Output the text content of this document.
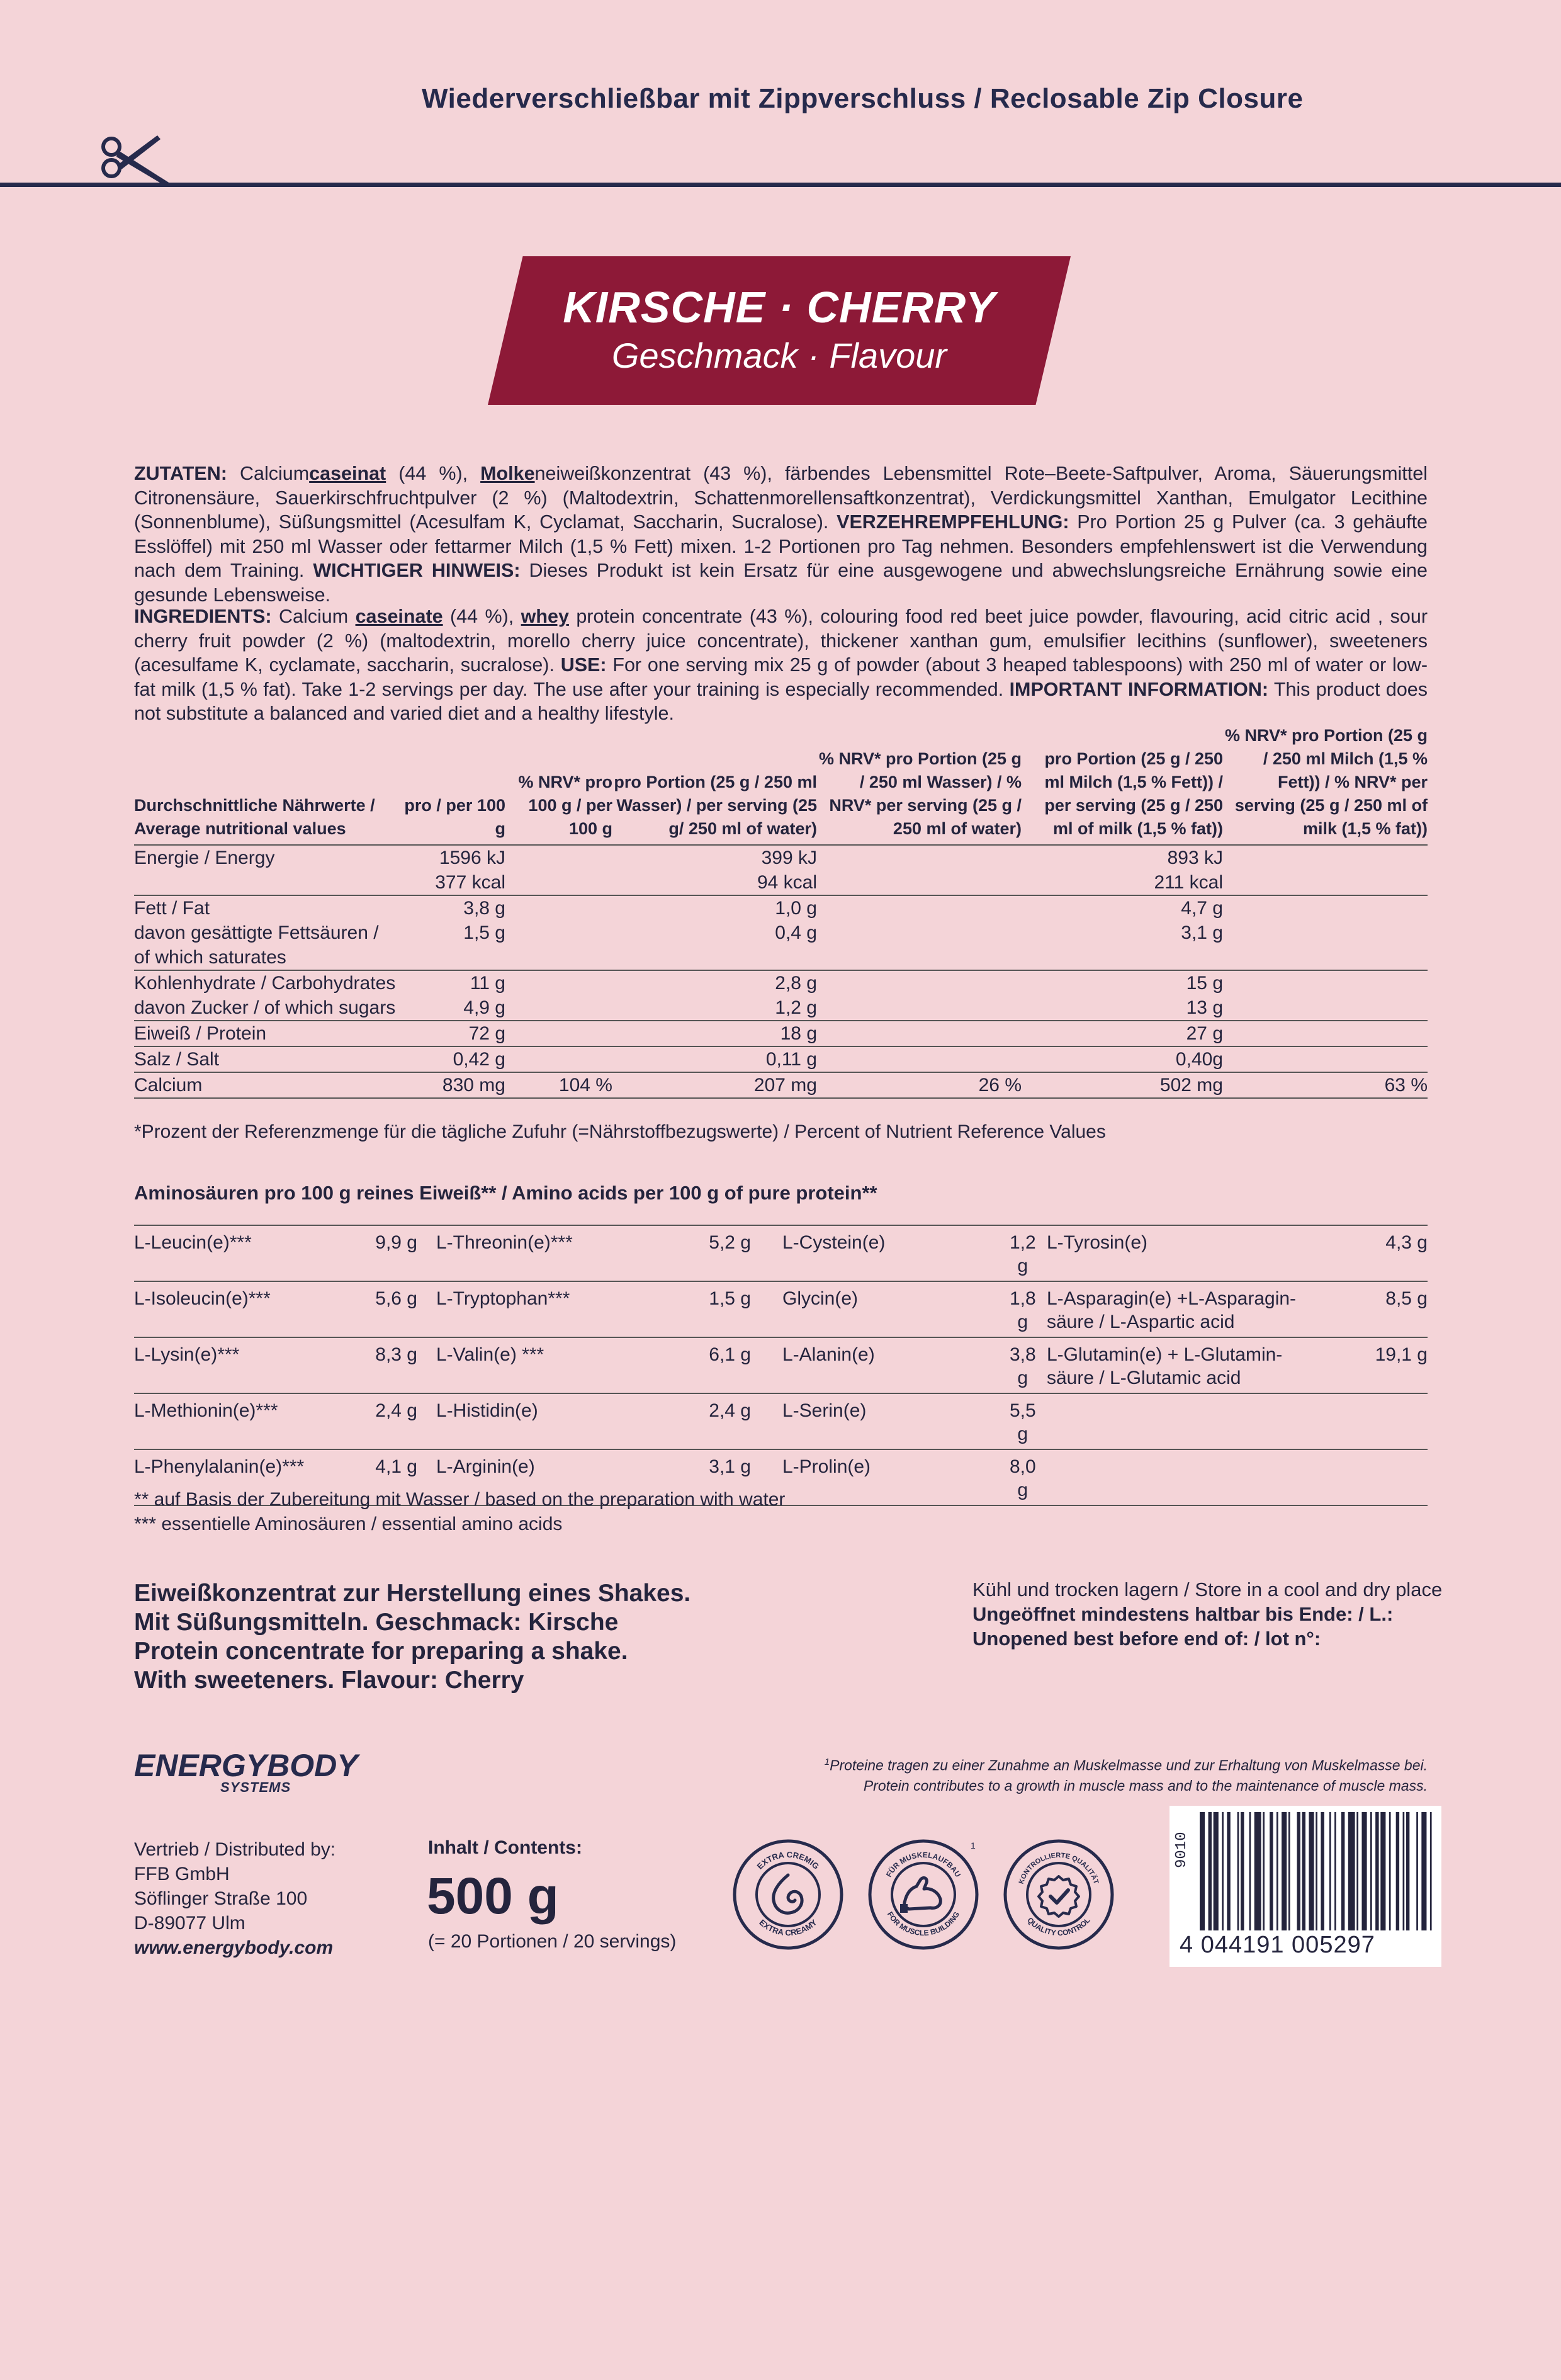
Wiederverschließbar mit Zippverschluss / Reclosable Zip Closure
KIRSCHE · CHERRY
Geschmack · Flavour
ZUTATEN: Calciumcaseinat (44 %), Molkeneiweißkonzentrat (43 %), färbendes Lebensmittel Rote–Beete-Saftpulver, Aroma, Säuerungsmittel Citronensäure, Sauerkirschfruchtpulver (2 %) (Maltodextrin, Schattenmorellensaftkonzentrat), Verdickungsmittel Xanthan, Emulgator Lecithine (Sonnenblume), Süßungsmittel (Acesulfam K, Cyclamat, Saccharin, Sucralose). VERZEHREMPFEHLUNG: Pro Portion 25 g Pulver (ca. 3 gehäufte Esslöffel) mit 250 ml Wasser oder fettarmer Milch (1,5 % Fett) mixen. 1-2 Portionen pro Tag nehmen. Besonders empfehlenswert ist die Verwendung nach dem Training. WICHTIGER HINWEIS: Dieses Produkt ist kein Ersatz für eine ausgewogene und abwechslungsreiche Ernährung sowie eine gesunde Lebensweise.
INGREDIENTS: Calcium caseinate (44 %), whey protein concentrate (43 %), colouring food red beet juice powder, flavouring, acid citric acid , sour cherry fruit powder (2 %) (maltodextrin, morello cherry juice concentrate), thickener xanthan gum, emulsifier lecithins (sunflower), sweeteners (acesulfame K, cyclamate, saccharin, sucralose). USE: For one serving mix 25 g of powder (about 3 heaped tablespoons) with 250 ml of water or low-fat milk (1,5 % fat). Take 1-2 servings per day. The use after your training is especially recommended. IMPORTANT INFORMATION: This product does not substitute a balanced and varied diet and a healthy lifestyle.
Durchschnittliche Nährwerte / Average nutritional values	pro / per 100 g	% NRV* pro 100 g / per 100 g	pro Portion (25 g / 250 ml Wasser) / per serving (25 g/ 250 ml of water)	% NRV* pro Portion (25 g / 250 ml Wasser) / % NRV* per serving (25 g / 250 ml of water)	pro Portion (25 g / 250 ml Milch (1,5 % Fett)) / per serving (25 g / 250 ml of milk (1,5 % fat))	% NRV* pro Portion (25 g / 250 ml Milch (1,5 % Fett)) / % NRV* per serving (25 g / 250 ml of milk (1,5 % fat))
Energie / Energy	1596 kJ		399 kJ		893 kJ	
	377 kcal		94 kcal		211 kcal	
Fett / Fat	3,8 g		1,0 g		4,7 g	
davon gesättigte Fettsäuren /	1,5 g		0,4 g		3,1 g	
of which saturates						
Kohlenhydrate / Carbohydrates	11 g		2,8 g		15 g	
davon Zucker / of which sugars	4,9 g		1,2 g		13 g	
Eiweiß / Protein	72 g		18 g		27 g	
Salz / Salt	0,42 g		0,11 g		0,40g	
Calcium	830 mg	104 %	207 mg	26 %	502 mg	63 %
*Prozent der Referenzmenge für die tägliche Zufuhr (=Nährstoffbezugswerte) / Percent of Nutrient Reference Values
Aminosäuren pro 100 g reines Eiweiß** / Amino acids per 100 g of pure protein**
L-Leucin(e)***	9,9 g	L-Threonin(e)***	5,2 g	L-Cystein(e)	1,2 g	L-Tyrosin(e)	4,3 g
L-Isoleucin(e)***	5,6 g	L-Tryptophan***	1,5 g	Glycin(e)	1,8 g	L-Asparagin(e) +L-Asparagin-
säure / L-Aspartic acid	8,5 g
L-Lysin(e)***	8,3 g	L-Valin(e) ***	6,1 g	L-Alanin(e)	3,8 g	L-Glutamin(e) + L-Glutamin-
säure / L-Glutamic acid	19,1 g
L-Methionin(e)***	2,4 g	L-Histidin(e)	2,4 g	L-Serin(e)	5,5 g		
L-Phenylalanin(e)***	4,1 g	L-Arginin(e)	3,1 g	L-Prolin(e)	8,0 g		
** auf Basis der Zubereitung mit Wasser / based on the preparation with water
*** essentielle Aminosäuren / essential amino acids
Eiweißkonzentrat zur Herstellung eines Shakes.
Mit Süßungsmitteln. Geschmack: Kirsche
Protein concentrate for preparing a shake.
With sweeteners. Flavour: Cherry
Kühl und trocken lagern / Store in a cool and dry place
Ungeöffnet mindestens haltbar bis Ende: / L.:
Unopened best before end of: / lot n°:
ENERGYBODY
SYSTEMS
$^1$Proteine tragen zu einer Zunahme an Muskelmasse und zur Erhaltung von Muskelmasse bei.
Protein contributes to a growth in muscle mass and to the maintenance of muscle mass.
Vertrieb / Distributed by:
FFB GmbH
Söflinger Straße 100
D-89077 Ulm
www.energybody.com
Inhalt / Contents:
500 g
(= 20 Portionen / 20 servings)
EXTRA CREMIG
EXTRA CREAMY
FÜR MUSKELAUFBAU
FOR MUSCLE BUILDING
1
KONTROLLIERTE QUALITÄT
QUALITY CONTROL
9010
4 044191 005297
